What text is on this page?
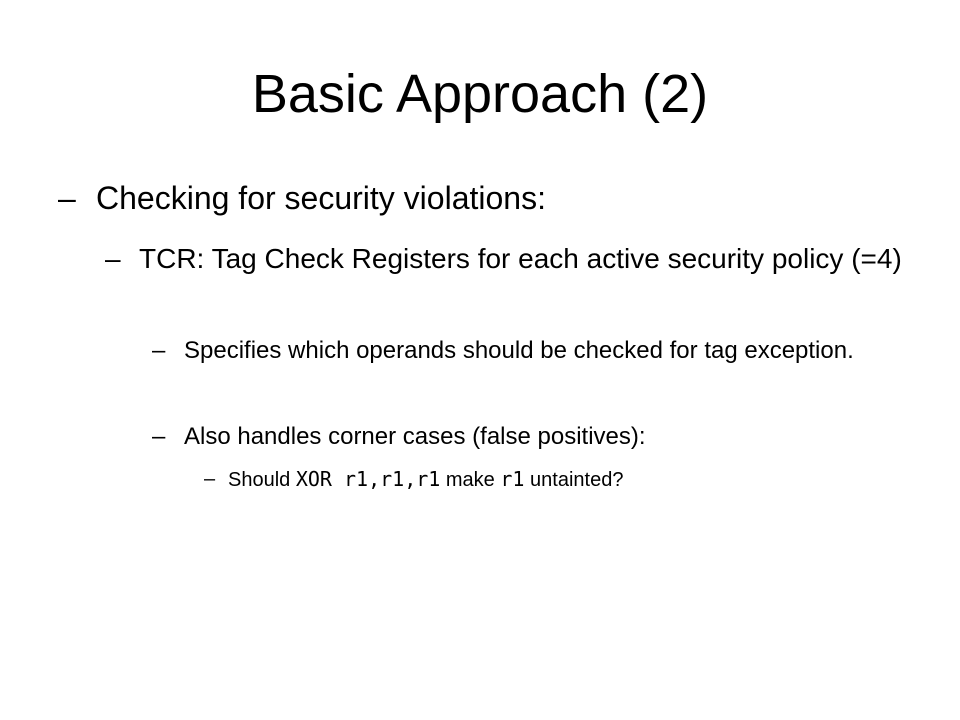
Basic Approach (2)

– Checking for security violations:

– TCR: Tag Check Registers for each active security policy (=4)

– Specifies which operands should be checked for tag exception.

– Also handles corner cases (false positives):

– Should XOR r1,r1,r1 make r1 untainted?
